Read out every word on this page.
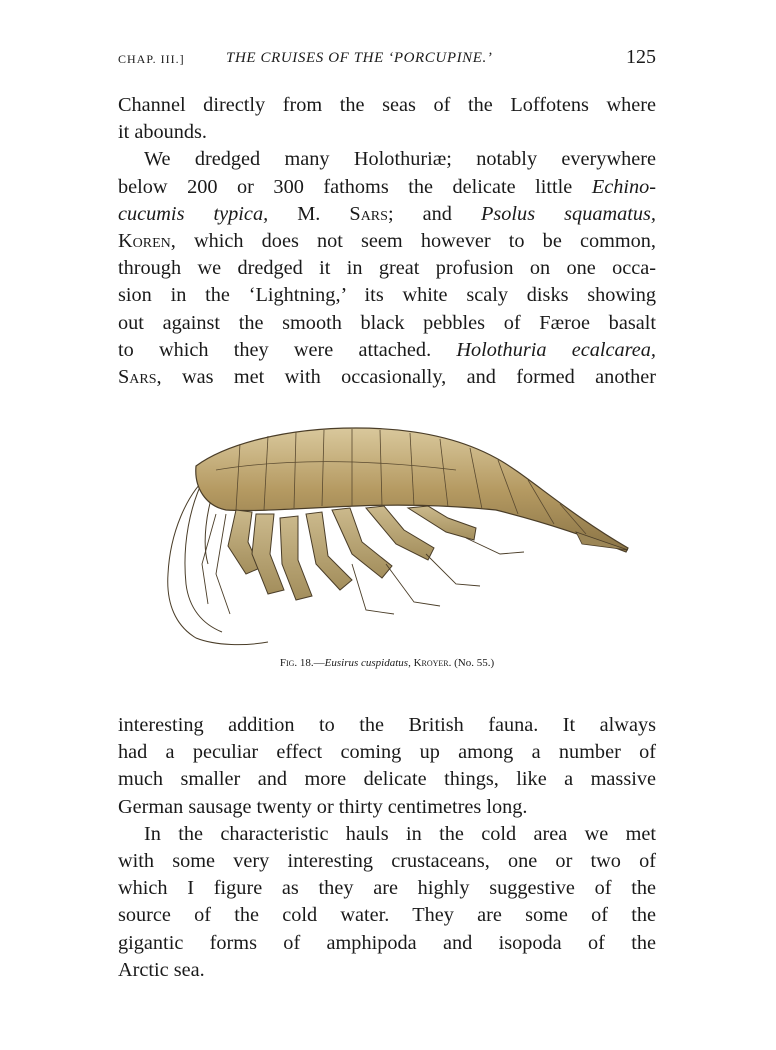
CHAP. III.]	THE CRUISES OF THE ‘PORCUPINE.’	125
Channel directly from the seas of the Loffotens where
it abounds.
We dredged many Holothuriæ; notably everywhere
below 200 or 300 fathoms the delicate little Echino-
cucumis typica, M. Sars; and Psolus squamatus,
Koren, which does not seem however to be common,
through we dredged it in great profusion on one occa-
sion in the ‘Lightning,’ its white scaly disks showing
out against the smooth black pebbles of Færoe basalt
to which they were attached. Holothuria ecalcarea,
Sars, was met with occasionally, and formed another
Fig. 18.—Eusirus cuspidatus, Kroyer. (No. 55.)
interesting addition to the British fauna. It always
had a peculiar effect coming up among a number of
much smaller and more delicate things, like a massive
German sausage twenty or thirty centimetres long.
In the characteristic hauls in the cold area we met
with some very interesting crustaceans, one or two of
which I figure as they are highly suggestive of the
source of the cold water. They are some of the
gigantic forms of amphipoda and isopoda of the
Arctic sea.
